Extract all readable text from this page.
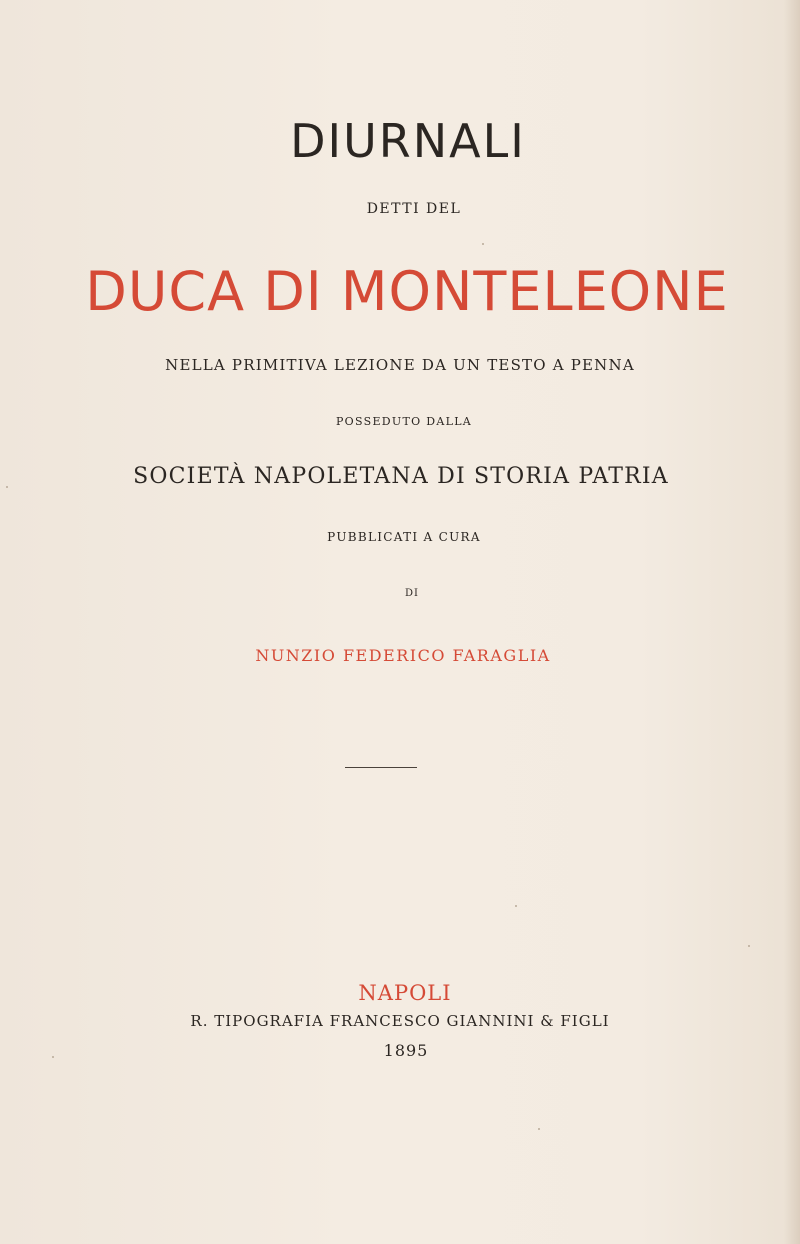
DIURNALI
DETTI DEL
DUCA DI MONTELEONE
NELLA PRIMITIVA LEZIONE DA UN TESTO A PENNA
POSSEDUTO DALLA
SOCIETÀ NAPOLETANA DI STORIA PATRIA
PUBBLICATI A CURA
DI
NUNZIO FEDERICO FARAGLIA
NAPOLI
R. TIPOGRAFIA FRANCESCO GIANNINI & FIGLI
1895
